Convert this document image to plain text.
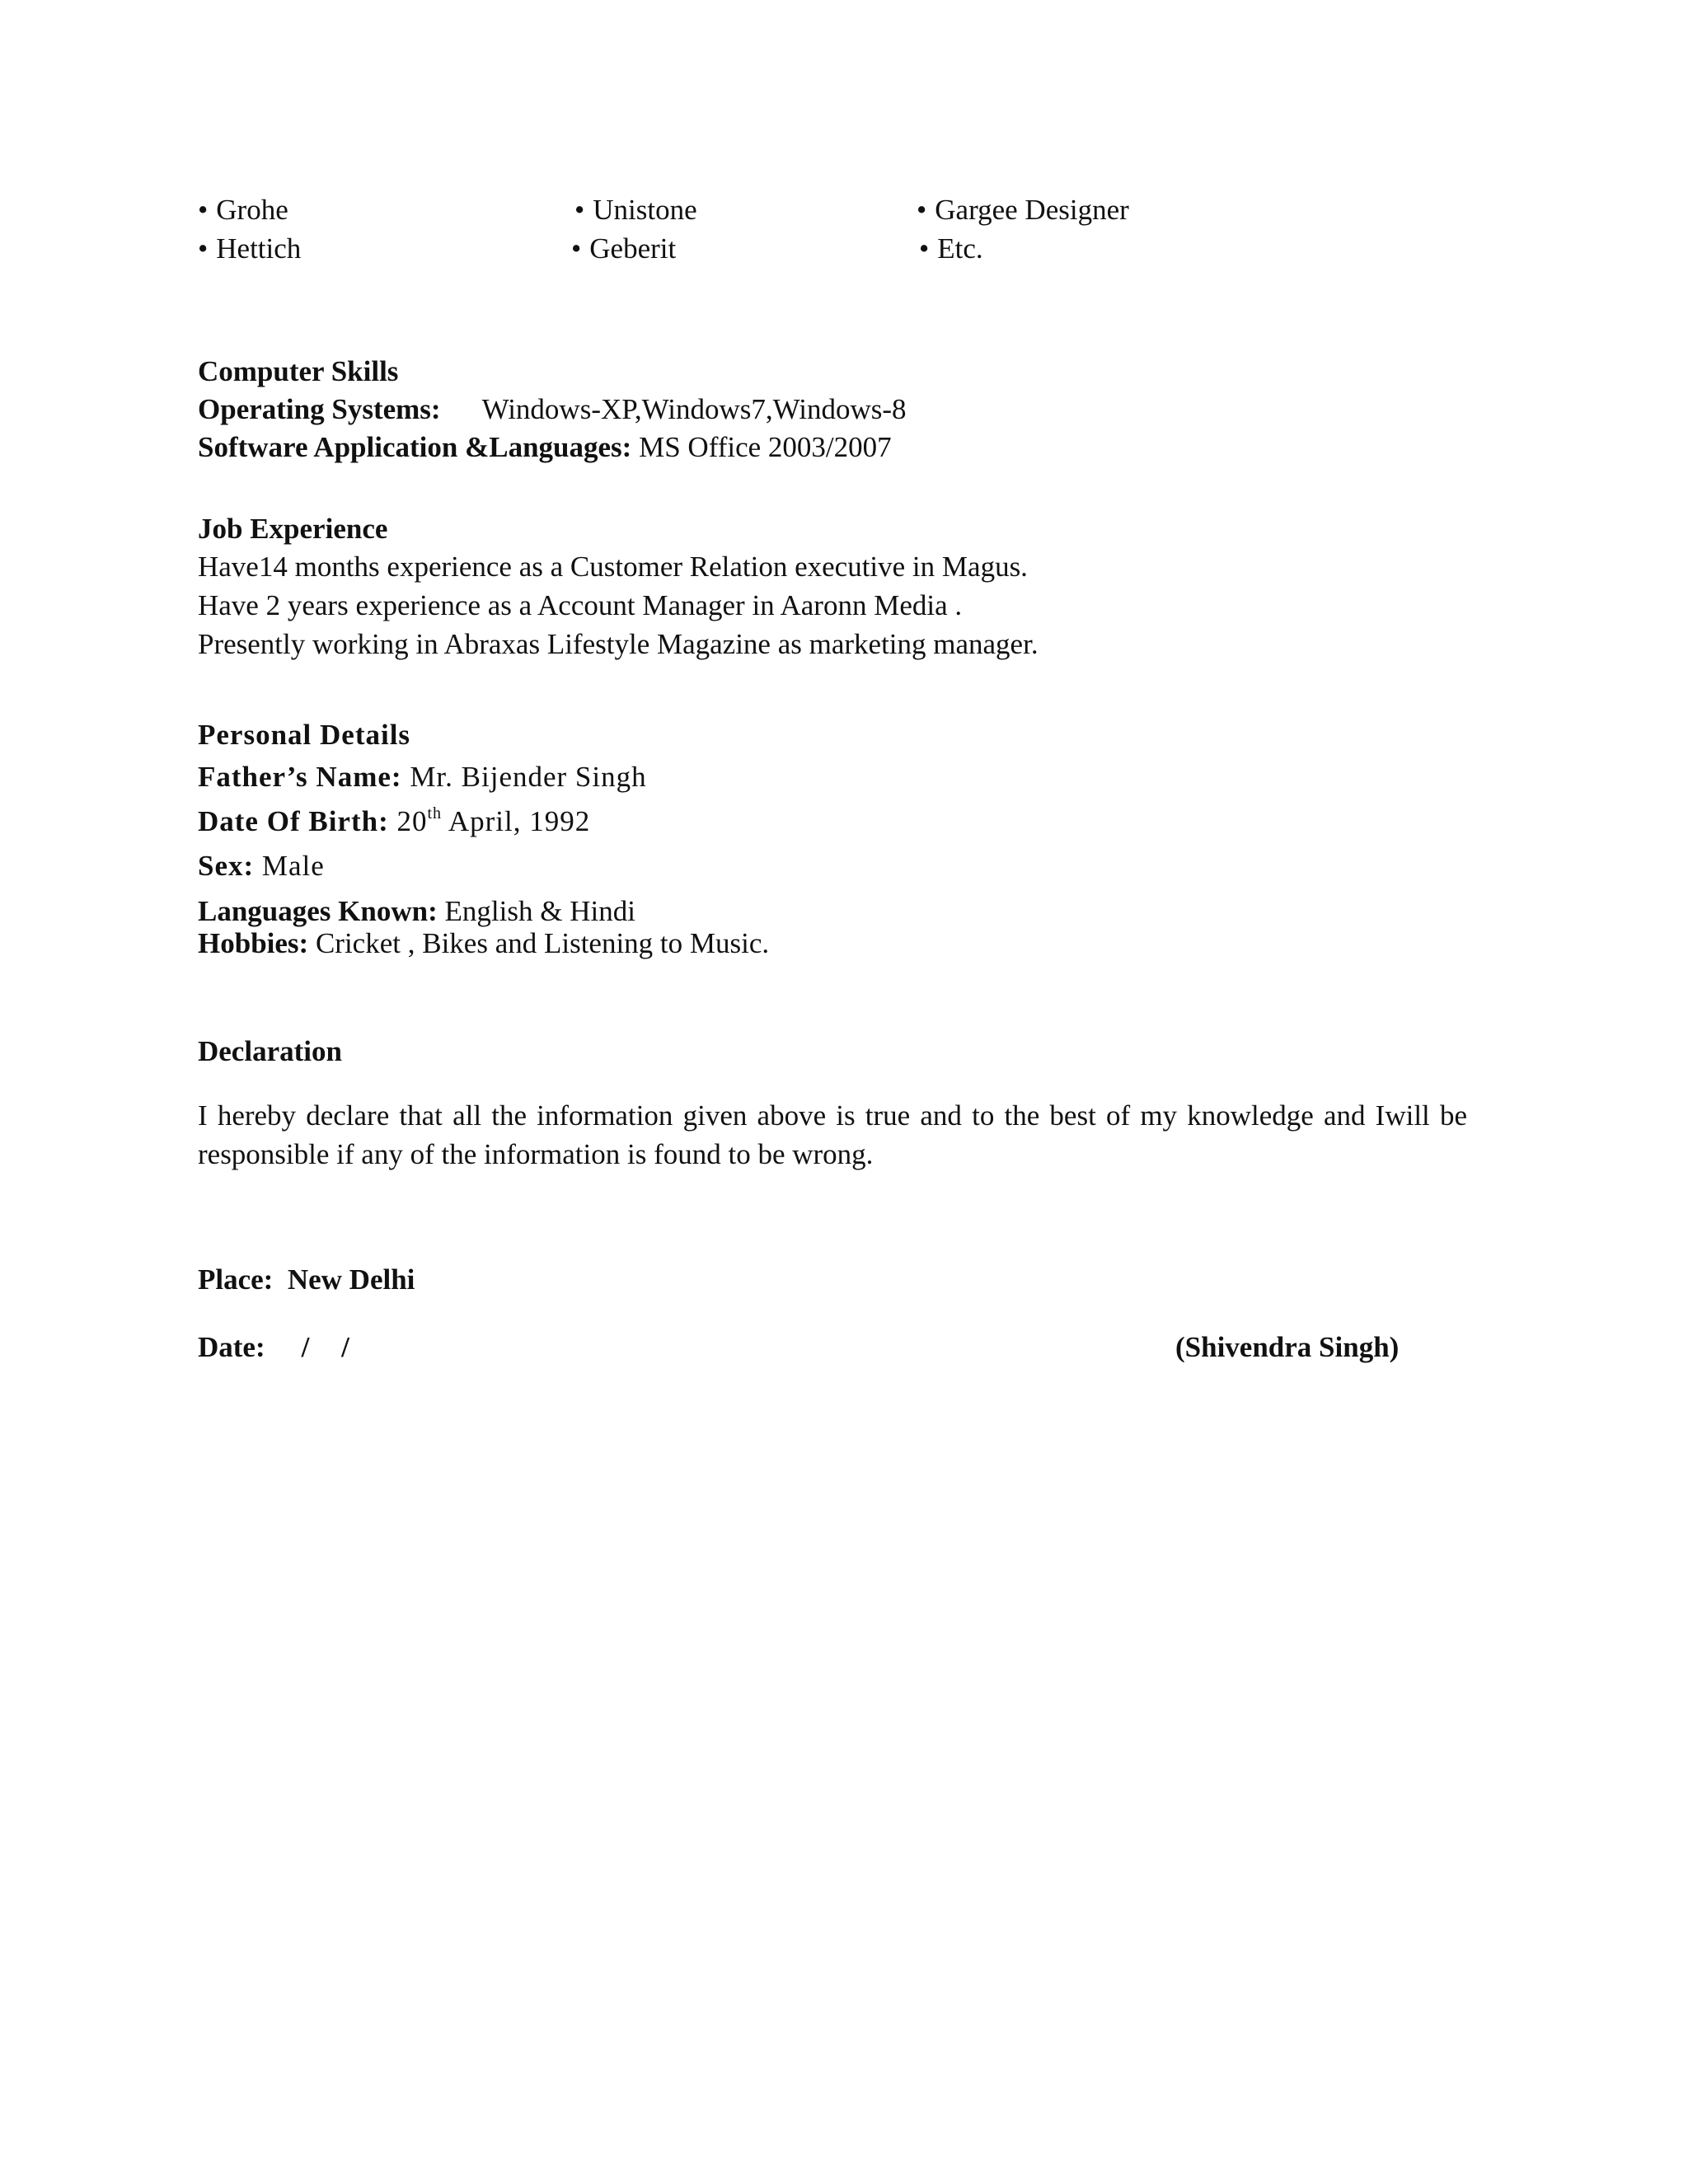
• Grohe
• Hettich
• Unistone
• Geberit
• Gargee Designer
• Etc.
Computer Skills
Operating Systems: Windows-XP,Windows7,Windows-8
Software Application &Languages: MS Office 2003/2007
Job Experience
Have14 months experience as a Customer Relation executive in Magus.
Have 2 years experience as a Account Manager in Aaronn Media .
Presently working in Abraxas Lifestyle Magazine as marketing manager.
Personal Details
Father’s Name: Mr. Bijender Singh
Date Of Birth: 20th April, 1992
Sex: Male
Languages Known: English & Hindi
Hobbies: Cricket , Bikes and Listening to Music.
Declaration
I hereby declare that all the information given above is true and to the best of my knowledge and Iwill be responsible if any of the information is found to be wrong.
Place: New Delhi
Date: / /	(Shivendra Singh)
